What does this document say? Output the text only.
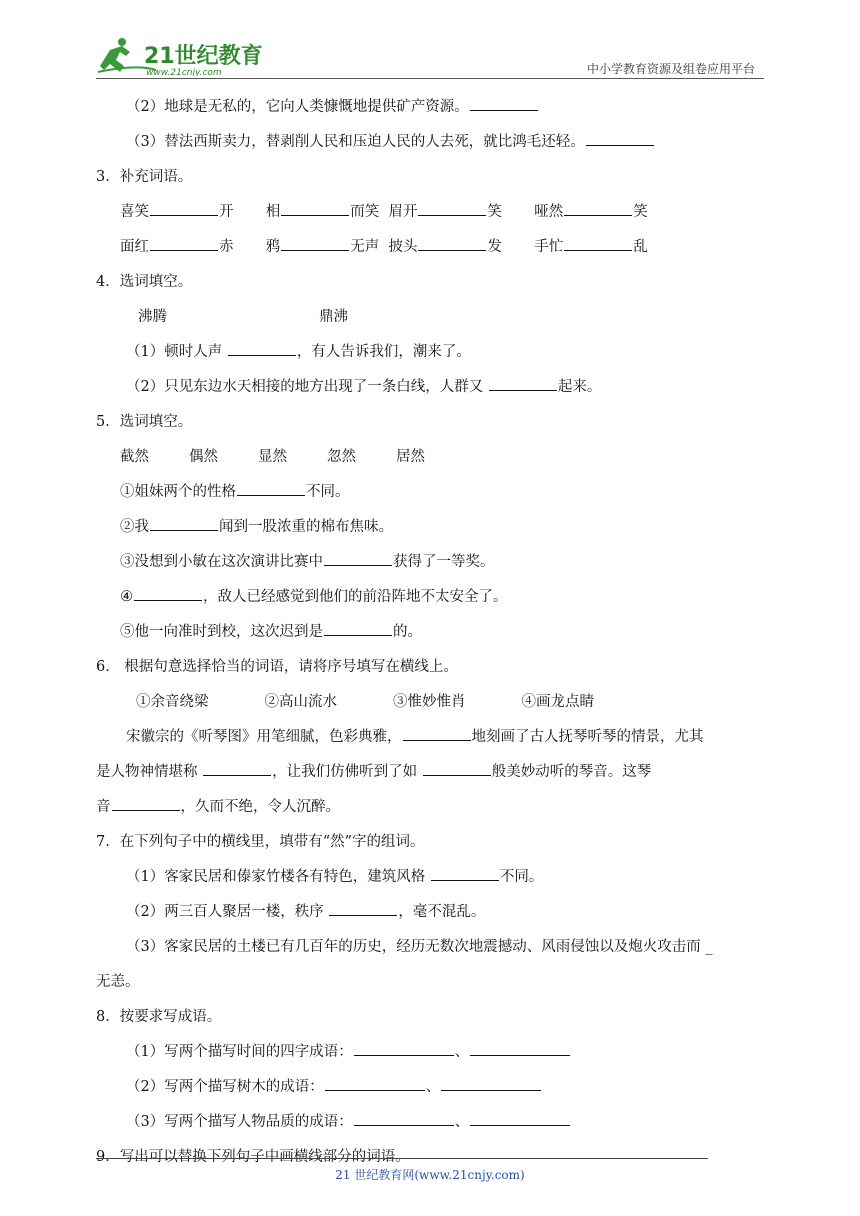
21世纪教育
www.21cnjy.com	中小学教育资源及组卷应用平台
（2）地球是无私的，它向人类慷慨地提供矿产资源。
（3）替法西斯卖力，替剥削人民和压迫人民的人去死，就比鸿毛还轻。
3．补充词语。
喜笑	开 相	而笑 眉开	笑 哑然	笑
面红	赤 鸦	无声 披头	发 手忙	乱
4．选词填空。
沸腾	鼎沸
（1）顿时人声	，有人告诉我们，潮来了。
（2）只见东边水天相接的地方出现了一条白线，人群又	起来。
5．选词填空。
截然	偶然	显然	忽然	居然
①姐妹两个的性格	不同。
②我	闻到一股浓重的棉布焦味。
③没想到小敏在这次演讲比赛中	获得了一等奖。
④	，敌人已经感觉到他们的前沿阵地不太安全了。
⑤他一向准时到校，这次迟到是	的。
6． 根据句意选择恰当的词语，请将序号填写在横线上。
①余音绕梁	②高山流水	③惟妙惟肖	④画龙点睛
宋徽宗的《听琴图》用笔细腻，色彩典雅，	地刻画了古人抚琴听琴的情景，尤其
是人物神情堪称	，让我们仿佛听到了如	般美妙动听的琴音。这琴
音	，久而不绝，令人沉醉。
7．在下列句子中的横线里，填带有“然”字的组词。
（1）客家民居和傣家竹楼各有特色，建筑风格	不同。
（2）两三百人聚居一楼，秩序	，毫不混乱。
（3）客家民居的土楼已有几百年的历史，经历无数次地震撼动、风雨侵蚀以及炮火攻击而 _
无恙。
8．按要求写成语。
（1）写两个描写时间的四字成语：	、
（2）写两个描写树木的成语：	、
（3）写两个描写人物品质的成语：	、
9．写出可以替换下列句子中画横线部分的词语。
21 世纪教育网(www.21cnjy.com)
